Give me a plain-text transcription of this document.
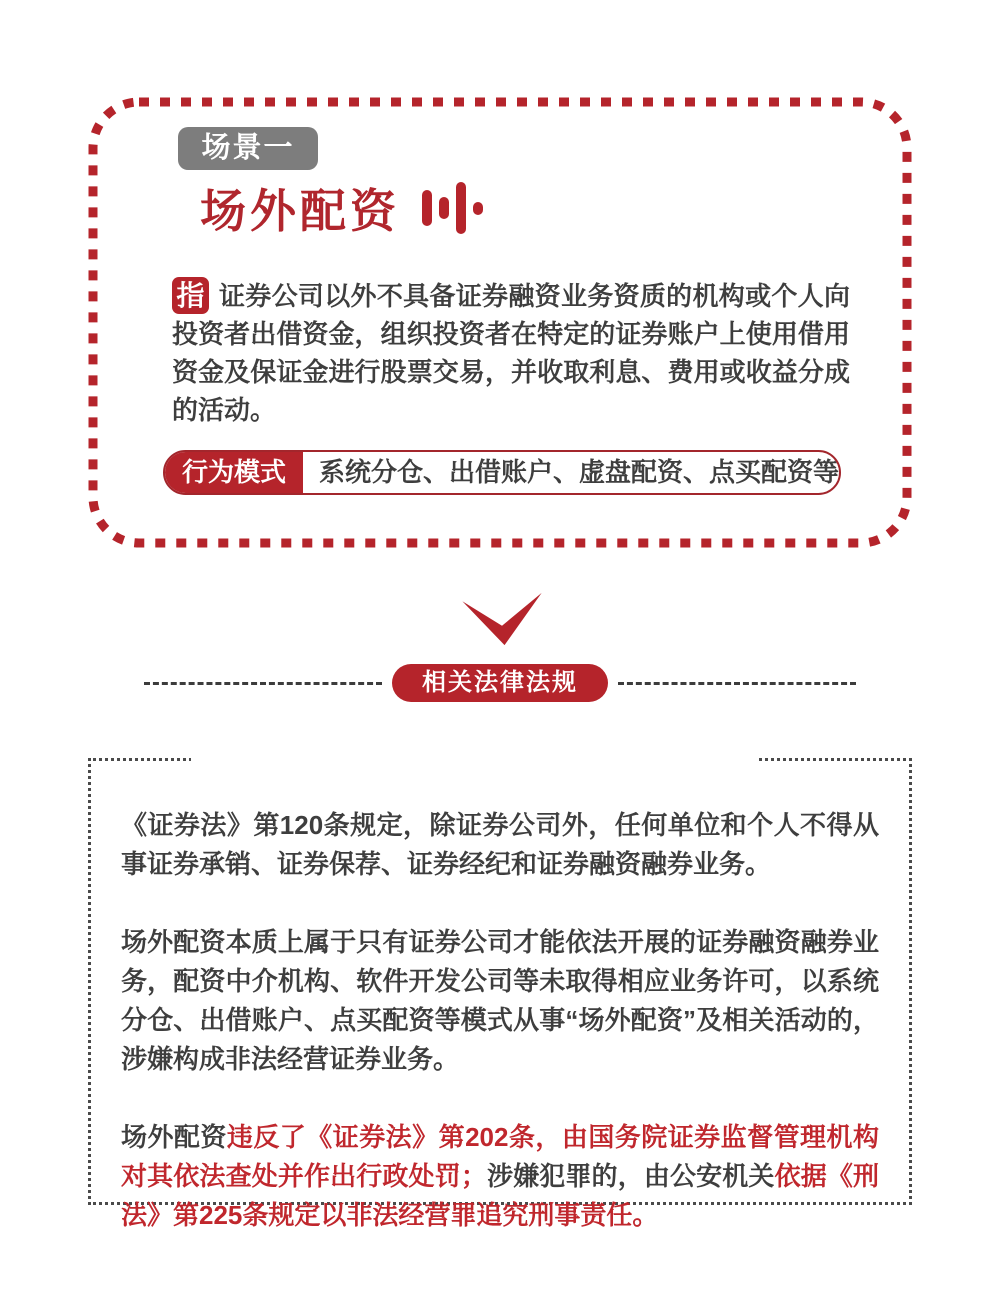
场景一
场外配资
指 证券公司以外不具备证券融资业务资质的机构或个人向投资者出借资金，组织投资者在特定的证券账户上使用借用资金及保证金进行股票交易，并收取利息、费用或收益分成的活动。
行为模式	系统分仓、出借账户、虚盘配资、点买配资等
相关法律法规

《证券法》第120条规定，除证券公司外，任何单位和个人不得从事证券承销、证券保荐、证券经纪和证券融资融券业务。

场外配资本质上属于只有证券公司才能依法开展的证券融资融券业务，配资中介机构、软件开发公司等未取得相应业务许可，以系统分仓、出借账户、点买配资等模式从事“场外配资”及相关活动的，涉嫌构成非法经营证券业务。

场外配资违反了《证券法》第202条，由国务院证券监督管理机构对其依法查处并作出行政处罚；涉嫌犯罪的，由公安机关依据《刑法》第225条规定以非法经营罪追究刑事责任。
